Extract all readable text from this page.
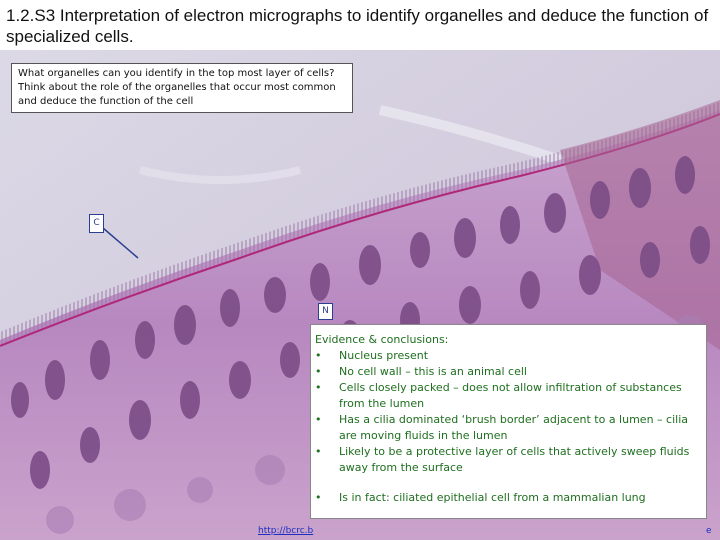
1.2.S3 Interpretation of electron micrographs to identify organelles and deduce the function of specialized cells.
What organelles can you identify in the top most layer of cells? Think about the role of the organelles that occur most common and deduce the function of the cell
C
N
Evidence & conclusions:
•	Nucleus present
•	No cell wall – this is an animal cell
•	Cells closely packed – does not allow infiltration of substances from the lumen
•	Has a cilia dominated ‘brush border’ adjacent to a lumen – cilia are moving fluids in the lumen
•	Likely to be a protective layer of cells that actively sweep fluids away from the surface
•	Is in fact: ciliated epithelial cell from a mammalian lung
http://bcrc.b	e
